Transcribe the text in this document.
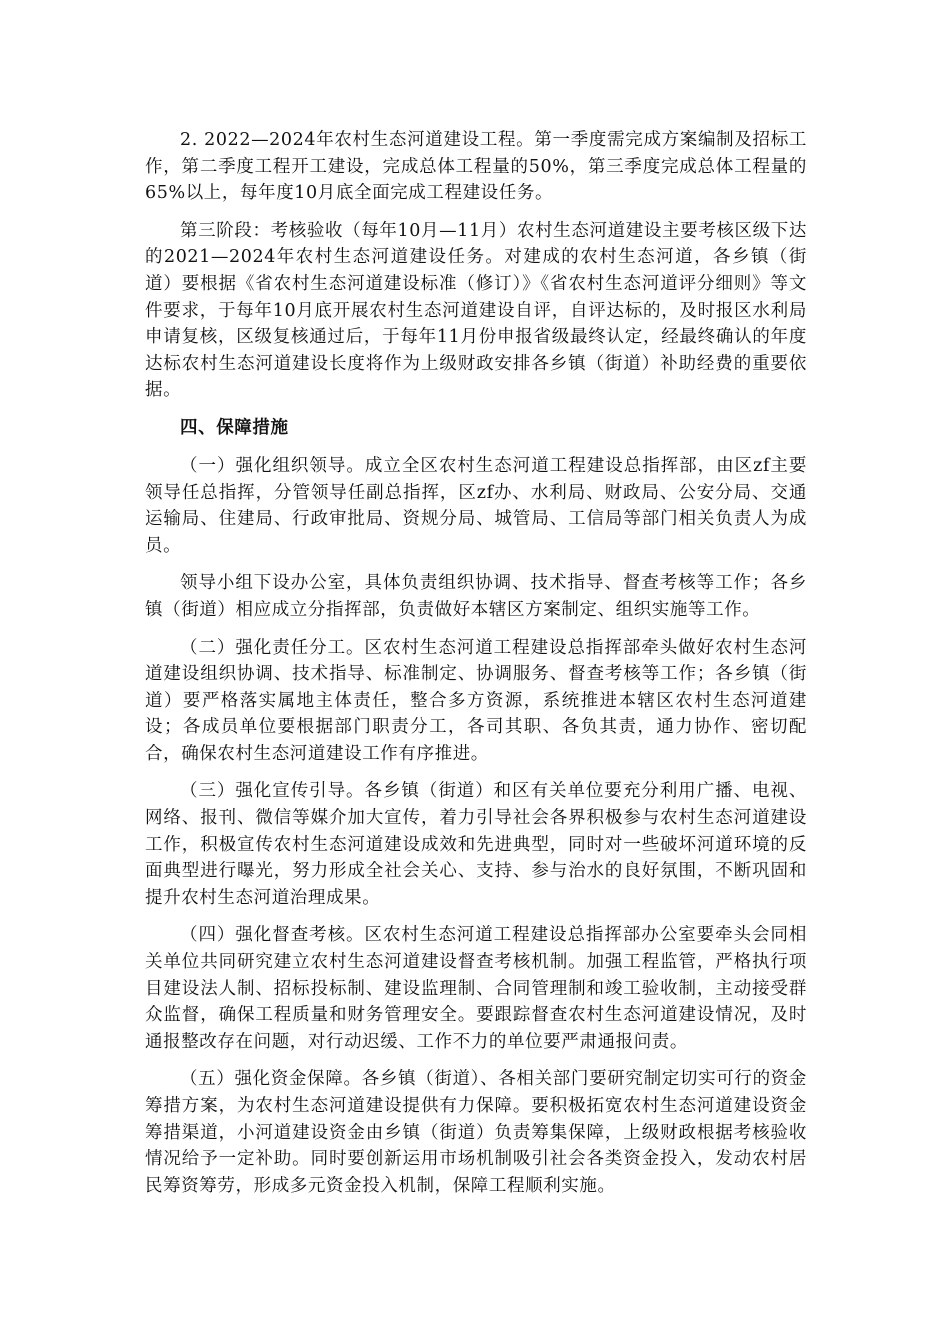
2. 2022—2024年农村生态河道建设工程。第一季度需完成方案编制及招标工作，第二季度工程开工建设，完成总体工程量的50%，第三季度完成总体工程量的65%以上，每年度10月底全面完成工程建设任务。

第三阶段：考核验收（每年10月—11月）农村生态河道建设主要考核区级下达的2021—2024年农村生态河道建设任务。对建成的农村生态河道，各乡镇（街道）要根据《省农村生态河道建设标准（修订）》《省农村生态河道评分细则》等文件要求，于每年10月底开展农村生态河道建设自评，自评达标的，及时报区水利局申请复核，区级复核通过后，于每年11月份申报省级最终认定，经最终确认的年度达标农村生态河道建设长度将作为上级财政安排各乡镇（街道）补助经费的重要依据。

四、保障措施

（一）强化组织领导。成立全区农村生态河道工程建设总指挥部，由区zf主要领导任总指挥，分管领导任副总指挥，区zf办、水利局、财政局、公安分局、交通运输局、住建局、行政审批局、资规分局、城管局、工信局等部门相关负责人为成员。

领导小组下设办公室，具体负责组织协调、技术指导、督查考核等工作；各乡镇（街道）相应成立分指挥部，负责做好本辖区方案制定、组织实施等工作。

（二）强化责任分工。区农村生态河道工程建设总指挥部牵头做好农村生态河道建设组织协调、技术指导、标准制定、协调服务、督查考核等工作；各乡镇（街道）要严格落实属地主体责任，整合多方资源，系统推进本辖区农村生态河道建设；各成员单位要根据部门职责分工，各司其职、各负其责，通力协作、密切配合，确保农村生态河道建设工作有序推进。

（三）强化宣传引导。各乡镇（街道）和区有关单位要充分利用广播、电视、网络、报刊、微信等媒介加大宣传，着力引导社会各界积极参与农村生态河道建设工作，积极宣传农村生态河道建设成效和先进典型，同时对一些破坏河道环境的反面典型进行曝光，努力形成全社会关心、支持、参与治水的良好氛围，不断巩固和提升农村生态河道治理成果。

（四）强化督查考核。区农村生态河道工程建设总指挥部办公室要牵头会同相关单位共同研究建立农村生态河道建设督查考核机制。加强工程监管，严格执行项目建设法人制、招标投标制、建设监理制、合同管理制和竣工验收制，主动接受群众监督，确保工程质量和财务管理安全。要跟踪督查农村生态河道建设情况，及时通报整改存在问题，对行动迟缓、工作不力的单位要严肃通报问责。

（五）强化资金保障。各乡镇（街道）、各相关部门要研究制定切实可行的资金筹措方案，为农村生态河道建设提供有力保障。要积极拓宽农村生态河道建设资金筹措渠道，小河道建设资金由乡镇（街道）负责筹集保障，上级财政根据考核验收情况给予一定补助。同时要创新运用市场机制吸引社会各类资金投入，发动农村居民筹资筹劳，形成多元资金投入机制，保障工程顺利实施。
